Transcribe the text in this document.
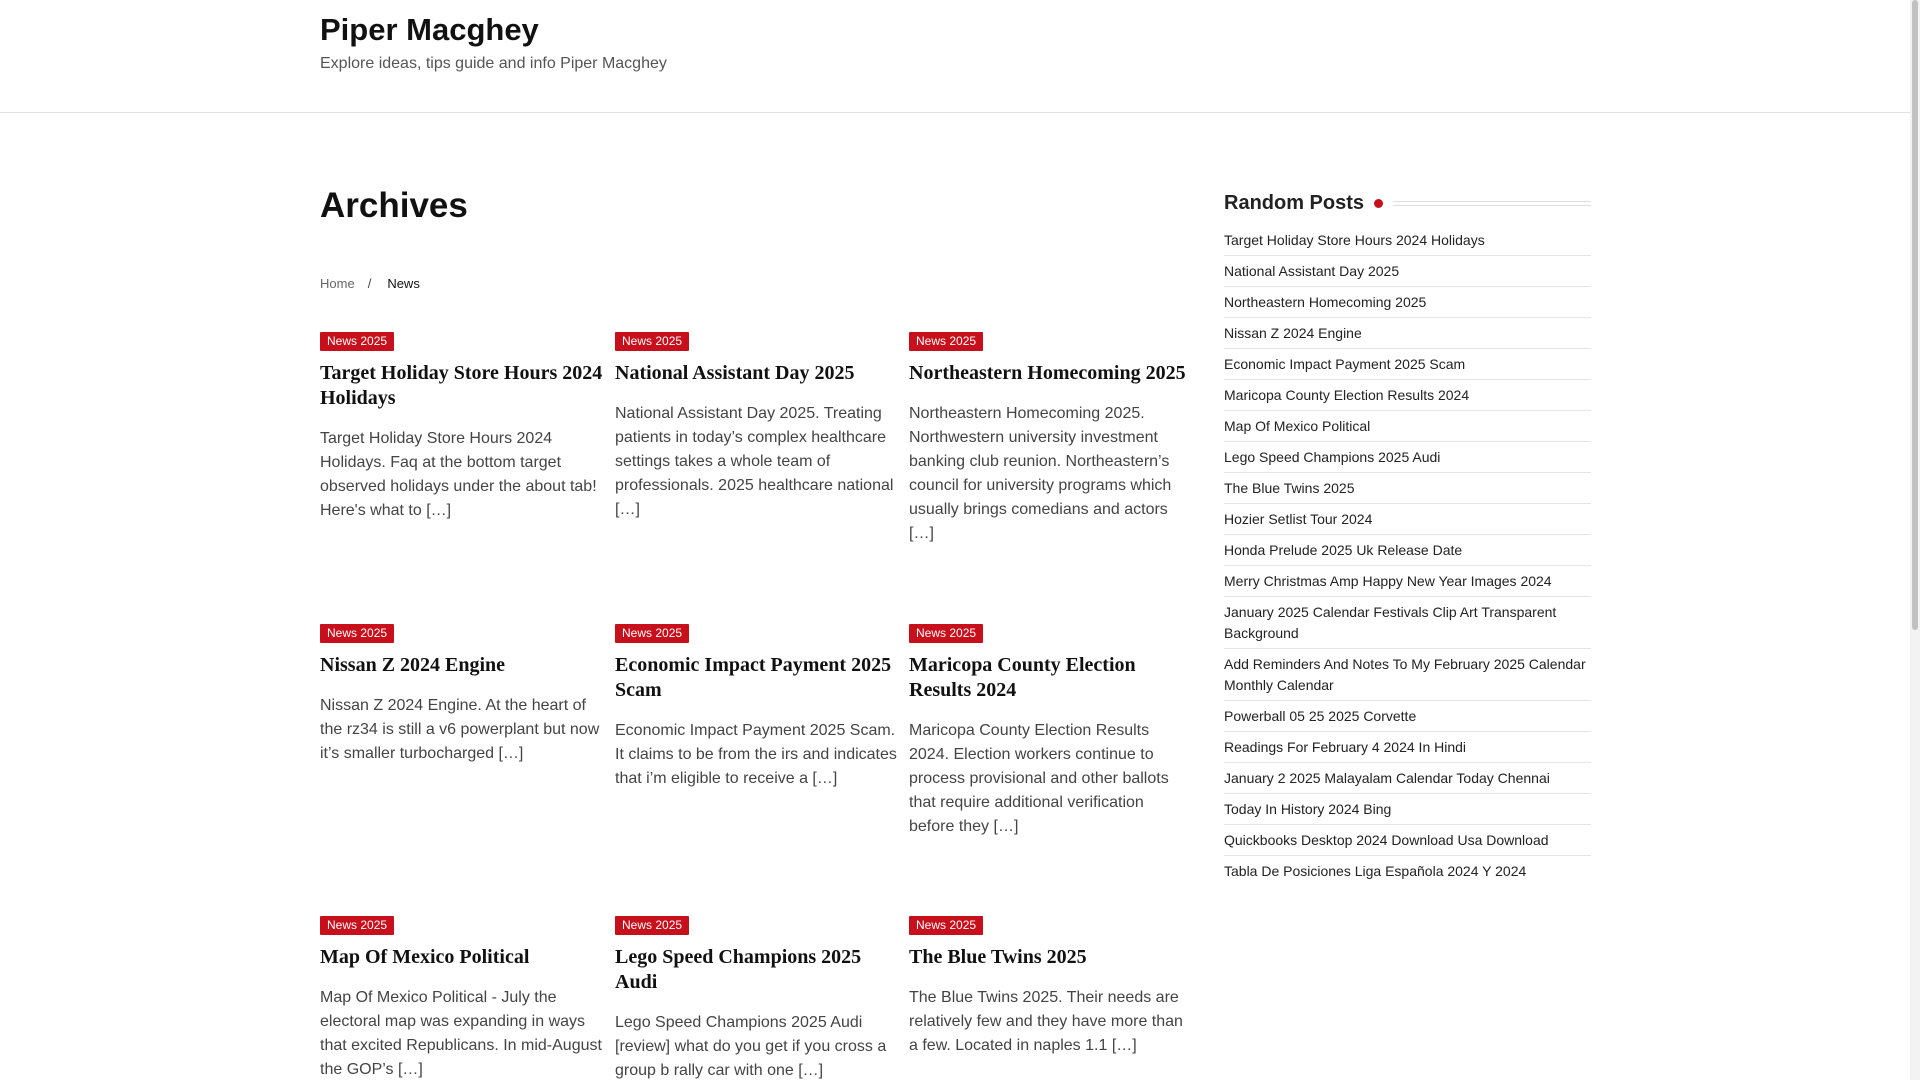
Piper Macghey
Explore ideas, tips guide and info Piper Macghey
Archives
Home / News
News 2025
Target Holiday Store Hours 2024 Holidays

Target Holiday Store Hours 2024 Holidays. Faq at the bottom target observed holidays under the about tab! Here's what to […]

News 2025
National Assistant Day 2025

National Assistant Day 2025. Treating patients in today’s complex healthcare settings takes a whole team of professionals. 2025 healthcare national […]

News 2025
Northeastern Homecoming 2025

Northeastern Homecoming 2025. Northwestern university investment banking club reunion. Northeastern’s council for university programs which usually brings comedians and actors […]

News 2025
Nissan Z 2024 Engine

Nissan Z 2024 Engine. At the heart of the rz34 is still a v6 powerplant but now it’s smaller turbocharged […]

News 2025
Economic Impact Payment 2025 Scam

Economic Impact Payment 2025 Scam. It claims to be from the irs and indicates that i’m eligible to receive a […]

News 2025
Maricopa County Election Results 2024

Maricopa County Election Results 2024. Election workers continue to process provisional and other ballots that require additional verification before they […]

News 2025
Map Of Mexico Political

Map Of Mexico Political - July the electoral map was expanding in ways that excited Republicans. In mid-August the GOP’s […]

News 2025
Lego Speed Champions 2025 Audi

Lego Speed Champions 2025 Audi [review] what do you get if you cross a group b rally car with one […]

News 2025
The Blue Twins 2025

The Blue Twins 2025. Their needs are relatively few and they have more than a few. Located in naples 1.1 […]

Random Posts
Target Holiday Store Hours 2024 Holidays
National Assistant Day 2025
Northeastern Homecoming 2025
Nissan Z 2024 Engine
Economic Impact Payment 2025 Scam
Maricopa County Election Results 2024
Map Of Mexico Political
Lego Speed Champions 2025 Audi
The Blue Twins 2025
Hozier Setlist Tour 2024
Honda Prelude 2025 Uk Release Date
Merry Christmas Amp Happy New Year Images 2024
January 2025 Calendar Festivals Clip Art Transparent Background
Add Reminders And Notes To My February 2025 Calendar Monthly Calendar
Powerball 05 25 2025 Corvette
Readings For February 4 2024 In Hindi
January 2 2025 Malayalam Calendar Today Chennai
Today In History 2024 Bing
Quickbooks Desktop 2024 Download Usa Download
Tabla De Posiciones Liga Española 2024 Y 2024
